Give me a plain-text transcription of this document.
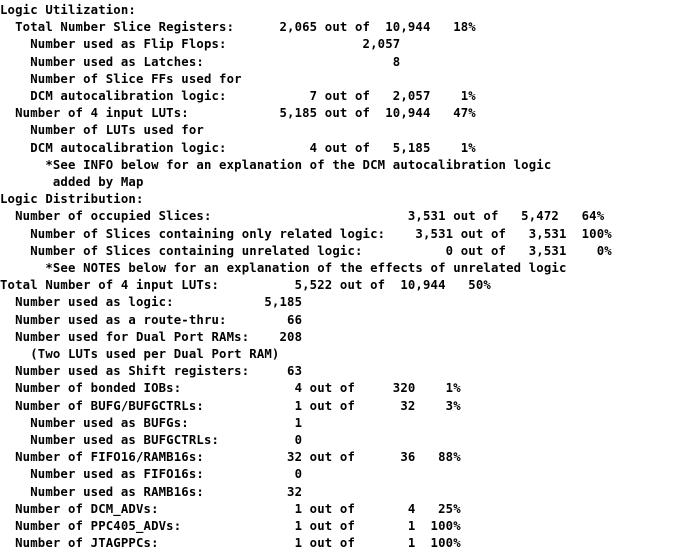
Logic Utilization:
Total Number Slice Registers:      2,065 out of  10,944   18%
Number used as Flip Flops:                  2,057
Number used as Latches:                         8
Number of Slice FFs used for
DCM autocalibration logic:           7 out of   2,057    1%
Number of 4 input LUTs:            5,185 out of  10,944   47%
Number of LUTs used for
DCM autocalibration logic:           4 out of   5,185    1%
*See INFO below for an explanation of the DCM autocalibration logic
added by Map
Logic Distribution:
Number of occupied Slices:                          3,531 out of   5,472   64%
Number of Slices containing only related logic:    3,531 out of   3,531  100%
Number of Slices containing unrelated logic:           0 out of   3,531    0%
*See NOTES below for an explanation of the effects of unrelated logic
Total Number of 4 input LUTs:          5,522 out of  10,944   50%
Number used as logic:            5,185
Number used as a route-thru:        66
Number used for Dual Port RAMs:    208
(Two LUTs used per Dual Port RAM)
Number used as Shift registers:     63
Number of bonded IOBs:               4 out of     320    1%
Number of BUFG/BUFGCTRLs:            1 out of      32    3%
Number used as BUFGs:              1
Number used as BUFGCTRLs:          0
Number of FIFO16/RAMB16s:           32 out of      36   88%
Number used as FIFO16s:            0
Number used as RAMB16s:           32
Number of DCM_ADVs:                  1 out of       4   25%
Number of PPC405_ADVs:               1 out of       1  100%
Number of JTAGPPCs:                  1 out of       1  100%
